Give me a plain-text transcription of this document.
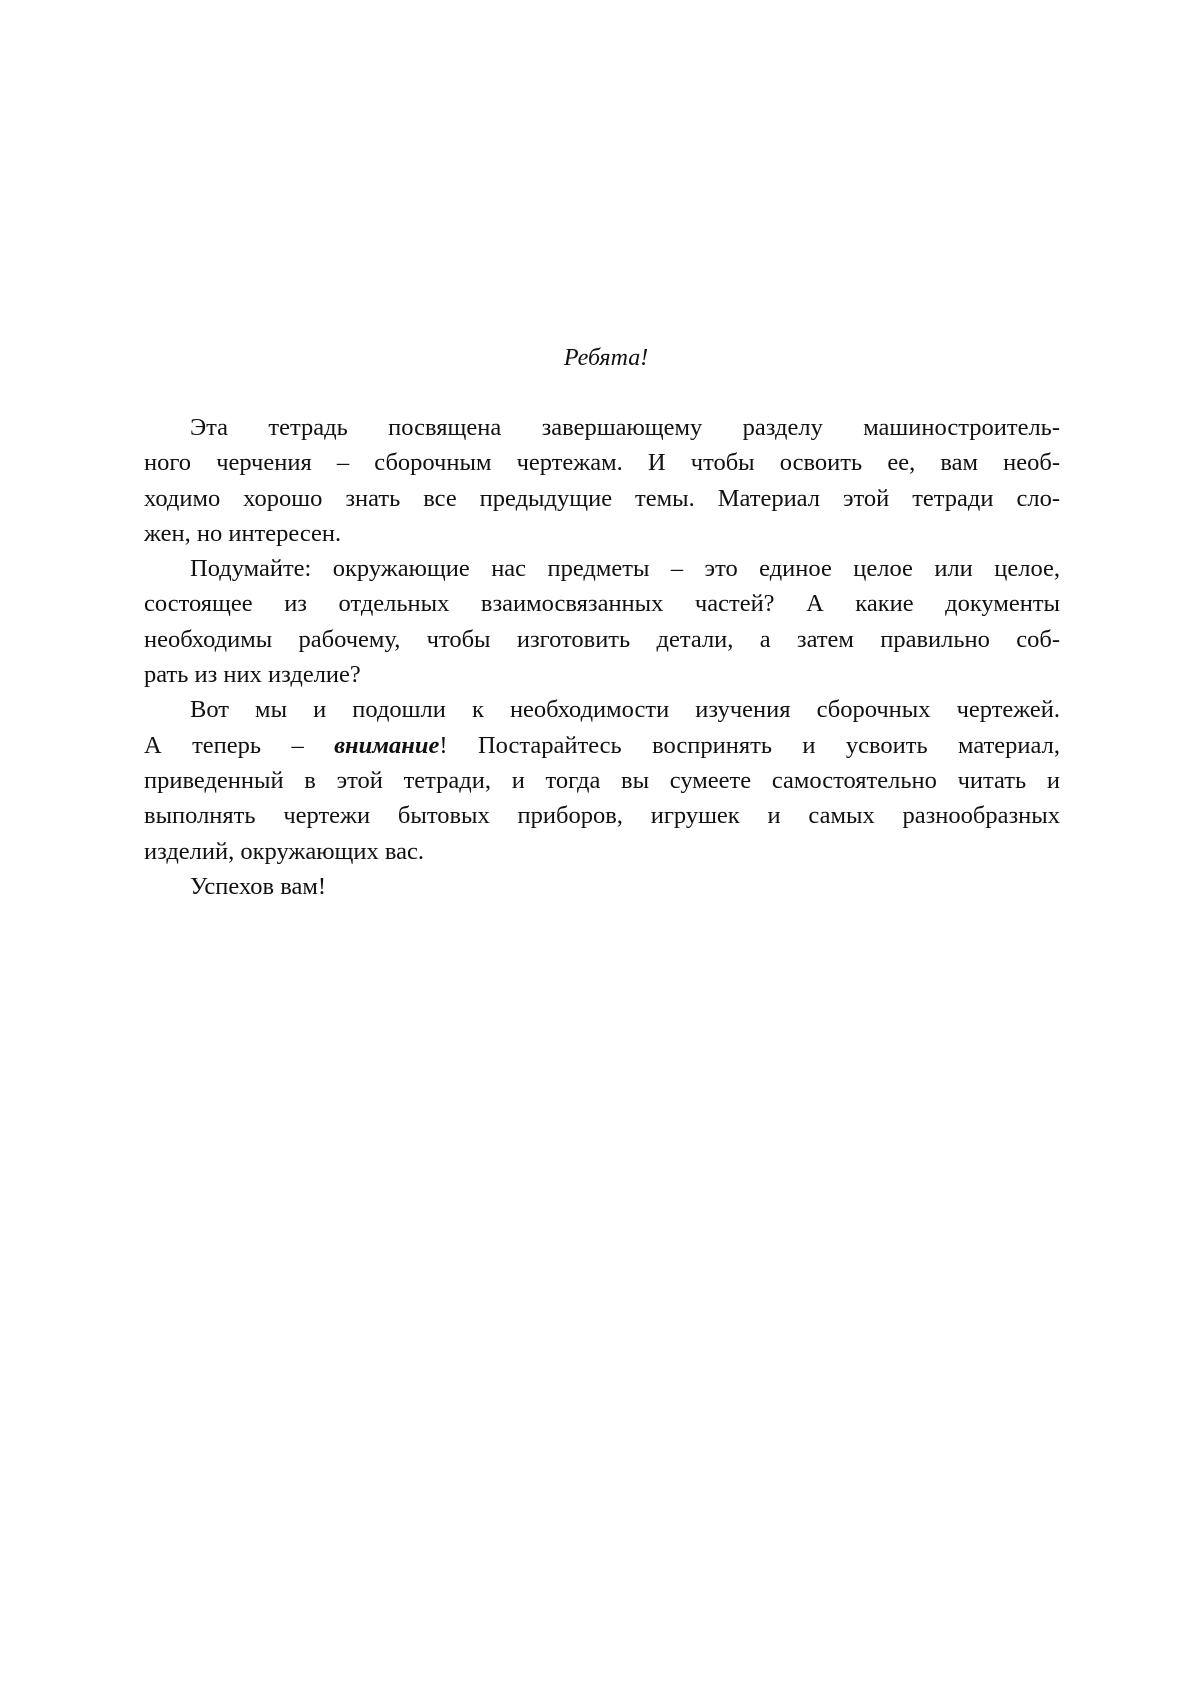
Ребята!
Эта тетрадь посвящена завершающему разделу машиностроитель-
ного черчения – сборочным чертежам. И чтобы освоить ее, вам необ-
ходимо хорошо знать все предыдущие темы. Материал этой тетради сло-
жен, но интересен.
Подумайте: окружающие нас предметы – это единое целое или целое,
состоящее из отдельных взаимосвязанных частей? А какие документы
необходимы рабочему, чтобы изготовить детали, а затем правильно соб-
рать из них изделие?
Вот мы и подошли к необходимости изучения сборочных чертежей.
А теперь – внимание! Постарайтесь воспринять и усвоить материал,
приведенный в этой тетради, и тогда вы сумеете самостоятельно читать и
выполнять чертежи бытовых приборов, игрушек и самых разнообразных
изделий, окружающих вас.
Успехов вам!
